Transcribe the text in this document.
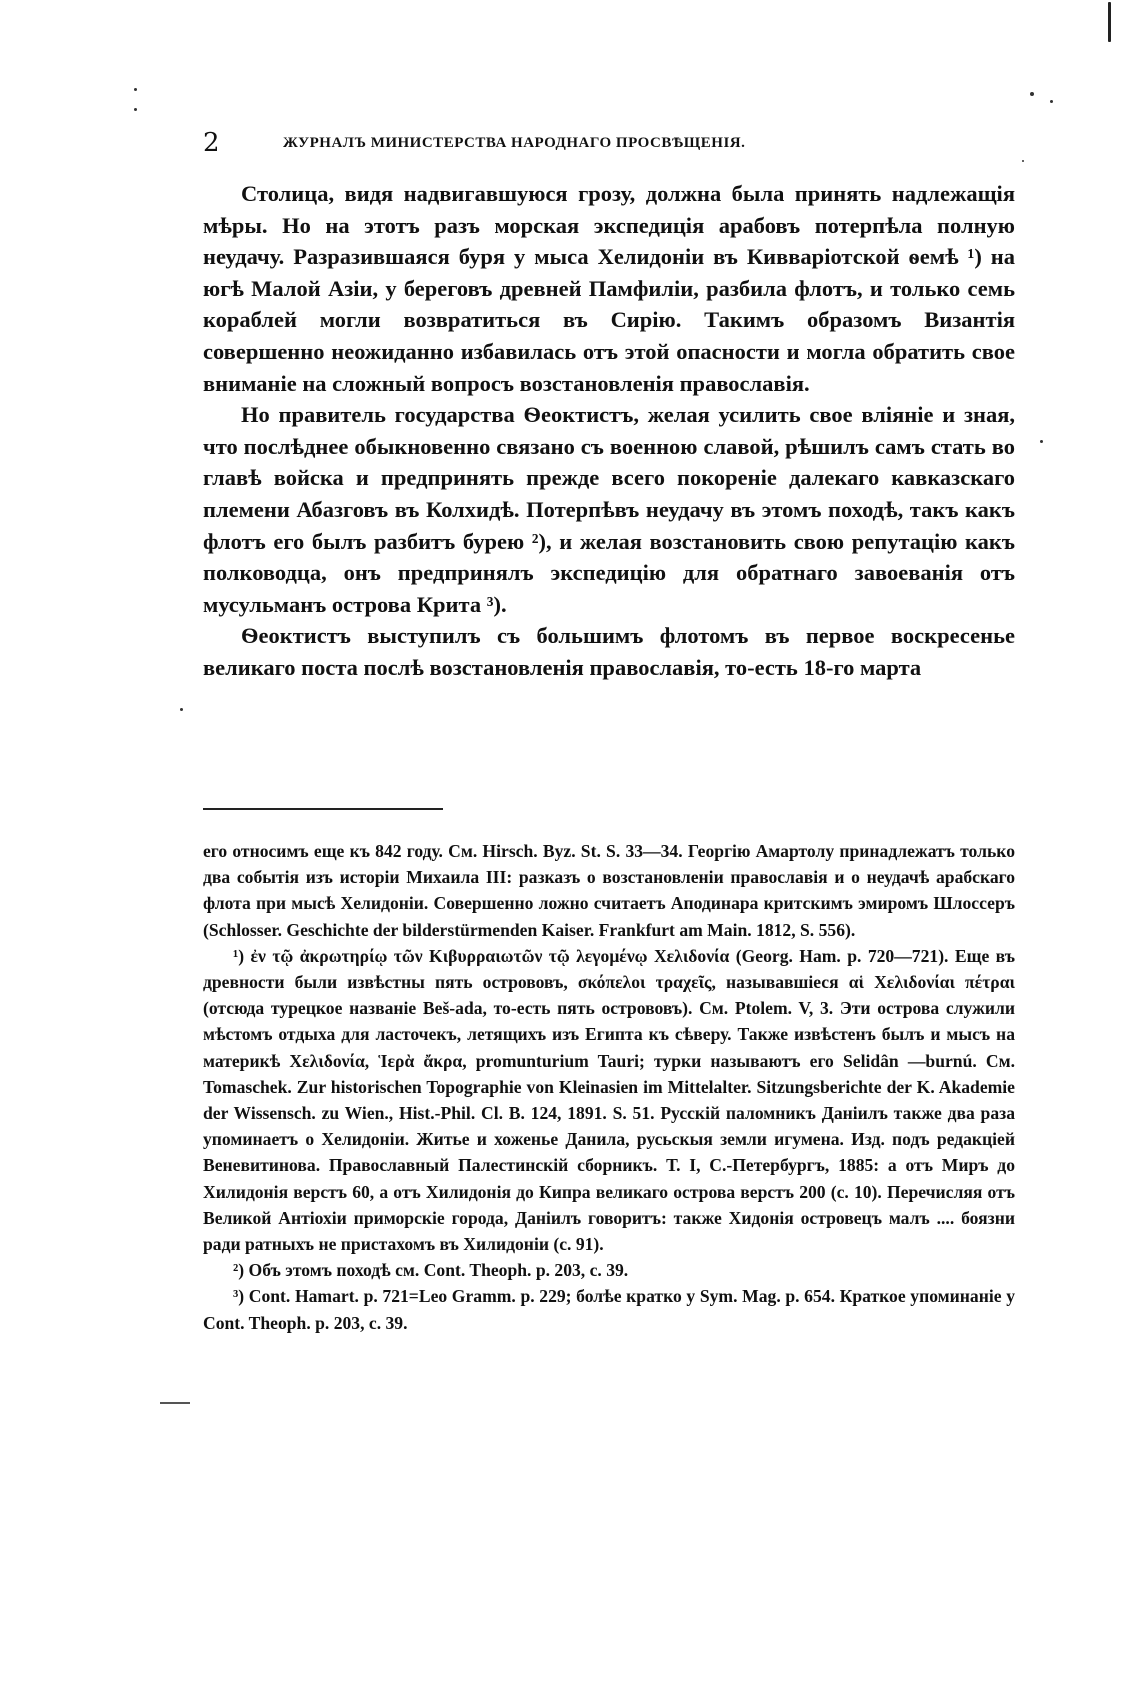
2	ЖУРНАЛЪ МИНИСТЕРСТВА НАРОДНАГО ПРОСВѢЩЕНІЯ.

Столица, видя надвигавшуюся грозу, должна была принять надлежащія мѣры. Но на этотъ разъ морская экспедиція арабовъ потерпѣла полную неудачу. Разразившаяся буря у мыса Хелидоніи въ Кивваріотской ѳемѣ ¹) на югѣ Малой Азіи, у береговъ древней Памфиліи, разбила флотъ, и только семь кораблей могли возвратиться въ Сирію. Такимъ образомъ Византія совершенно неожиданно избавилась отъ этой опасности и могла обратить свое вниманіе на сложный вопросъ возстановленія православія.

Но правитель государства Ѳеоктистъ, желая усилить свое вліяніе и зная, что послѣднее обыкновенно связано съ военною славой, рѣшилъ самъ стать во главѣ войска и предпринять прежде всего покореніе далекаго кавказскаго племени Абазговъ въ Колхидѣ. Потерпѣвъ неудачу въ этомъ походѣ, такъ какъ флотъ его былъ разбитъ бурею ²), и желая возстановить свою репутацію какъ полководца, онъ предпринялъ экспедицію для обратнаго завоеванія отъ мусульманъ острова Крита ³).

Ѳеоктистъ выступилъ съ большимъ флотомъ въ первое воскресенье великаго поста послѣ возстановленія православія, то-есть 18-го марта

его относимъ еще къ 842 году. См. Hirsch. Byz. St. S. 33—34. Георгію Амартолу принадлежатъ только два событія изъ исторіи Михаила III: разказъ о возстановленіи православія и о неудачѣ арабскаго флота при мысѣ Хелидоніи. Совершенно ложно считаетъ Аподинара критскимъ эмиромъ Шлоссеръ (Schlosser. Geschichte der bilderstürmenden Kaiser. Frankfurt am Main. 1812, S. 556).

¹) ἐν τῷ ἀκρωτηρίῳ τῶν Κιβυρραιωτῶν τῷ λεγομένῳ Χελιδονία (Georg. Ham. p. 720—721). Еще въ древности были извѣстны пять острововъ, σκόπελοι τραχεῖς, называвшіеся αἱ Χελιδονίαι πέτραι (отсюда турецкое названіе Beš-ada, то-есть пять острововъ). См. Ptolem. V, 3. Эти острова служили мѣстомъ отдыха для ласточекъ, летящихъ изъ Египта къ сѣверу. Также извѣстенъ былъ и мысъ на материкѣ Χελιδονία, Ἱερὰ ἄκρα, promunturium Tauri; турки называютъ его Selidân —burnú. См. Tomaschek. Zur historischen Topographie von Kleinasien im Mittelalter. Sitzungsberichte der K. Akademie der Wissensch. zu Wien., Hist.-Phil. Cl. B. 124, 1891. S. 51. Русскій паломникъ Даніилъ также два раза упоминаетъ о Хелидоніи. Житье и хоженье Данила, русьскыя земли игумена. Изд. подъ редакціей Веневитинова. Православный Палестинскій сборникъ. Т. I, С.-Петербургъ, 1885: а отъ Миръ до Хилидонія верстъ 60, а отъ Хилидонія до Кипра великаго острова верстъ 200 (с. 10). Перечисляя отъ Великой Антіохіи приморскіе города, Даніилъ говоритъ: также Хидонія островецъ малъ .... боязни ради ратныхъ не пристахомъ въ Хилидоніи (с. 91).

²) Объ этомъ походѣ см. Cont. Theoph. p. 203, c. 39.

³) Cont. Hamart. p. 721=Leo Gramm. p. 229; болѣе кратко у Sym. Mag. p. 654. Краткое упоминаніе у Cont. Theoph. p. 203, c. 39.
